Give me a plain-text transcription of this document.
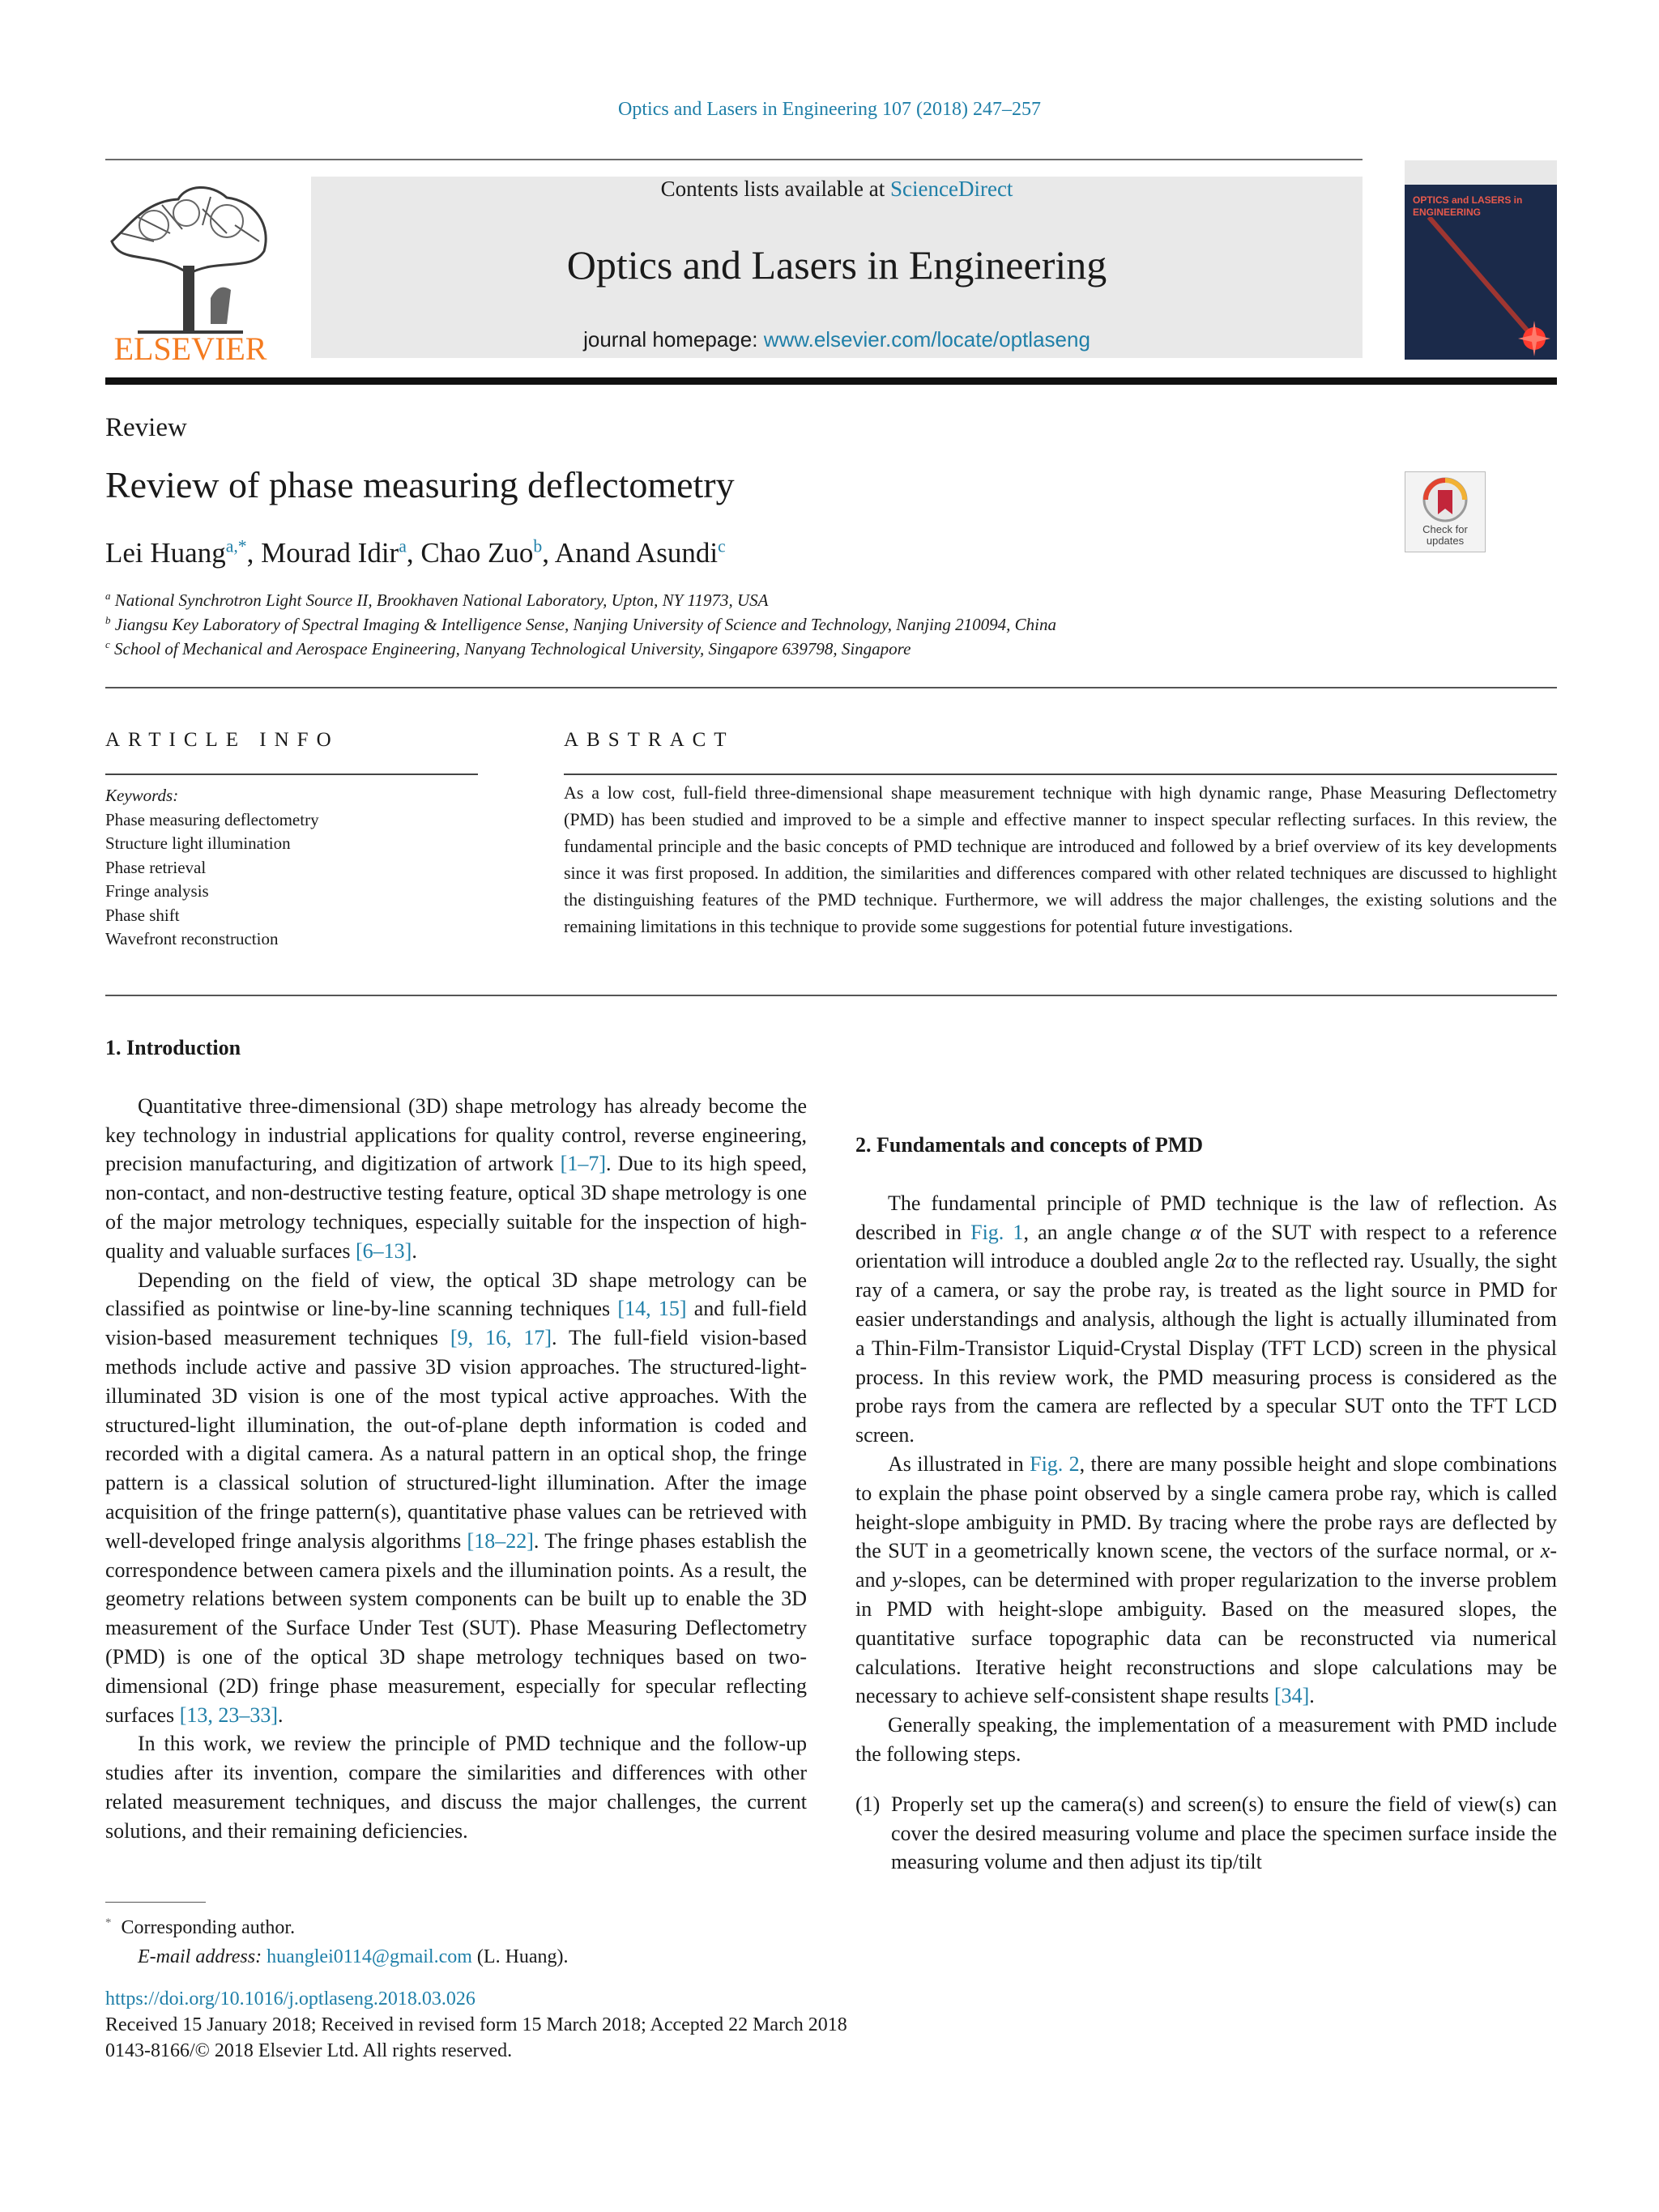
Optics and Lasers in Engineering 107 (2018) 247–257
ELSEVIER
Contents lists available at ScienceDirect
Optics and Lasers in Engineering
journal homepage: www.elsevier.com/locate/optlaseng
OPTICS and LASERS in ENGINEERING
Review
Review of phase measuring deflectometry
Check for updates
Lei Huang$^{a,*}$, Mourad Idir$^a$, Chao Zuo$^b$, Anand Asundi$^c$
$^a$ National Synchrotron Light Source II, Brookhaven National Laboratory, Upton, NY 11973, USA
$^b$ Jiangsu Key Laboratory of Spectral Imaging & Intelligence Sense, Nanjing University of Science and Technology, Nanjing 210094, China
$^c$ School of Mechanical and Aerospace Engineering, Nanyang Technological University, Singapore 639798, Singapore
ARTICLE INFO	ABSTRACT
Keywords:
Phase measuring deflectometry
Structure light illumination
Phase retrieval
Fringe analysis
Phase shift
Wavefront reconstruction
As a low cost, full-field three-dimensional shape measurement technique with high dynamic range, Phase Measuring Deflectometry (PMD) has been studied and improved to be a simple and effective manner to inspect specular reflecting surfaces. In this review, the fundamental principle and the basic concepts of PMD technique are introduced and followed by a brief overview of its key developments since it was first proposed. In addition, the similarities and differences compared with other related techniques are discussed to highlight the distinguishing features of the PMD technique. Furthermore, we will address the major challenges, the existing solutions and the remaining limitations in this technique to provide some suggestions for potential future investigations.
1. Introduction

Quantitative three-dimensional (3D) shape metrology has already become the key technology in industrial applications for quality control, reverse engineering, precision manufacturing, and digitization of artwork [1–7]. Due to its high speed, non-contact, and non-destructive testing feature, optical 3D shape metrology is one of the major metrology techniques, especially suitable for the inspection of high-quality and valuable surfaces [6–13].

Depending on the field of view, the optical 3D shape metrology can be classified as pointwise or line-by-line scanning techniques [14, 15] and full-field vision-based measurement techniques [9, 16, 17]. The full-field vision-based methods include active and passive 3D vision approaches. The structured-light-illuminated 3D vision is one of the most typical active approaches. With the structured-light illumination, the out-of-plane depth information is coded and recorded with a digital camera. As a natural pattern in an optical shop, the fringe pattern is a classical solution of structured-light illumination. After the image acquisition of the fringe pattern(s), quantitative phase values can be retrieved with well-developed fringe analysis algorithms [18–22]. The fringe phases establish the correspondence between camera pixels and the illumination points. As a result, the geometry relations between system components can be built up to enable the 3D measurement of the Surface Under Test (SUT). Phase Measuring Deflectometry (PMD) is one of the optical 3D shape metrology techniques based on two-dimensional (2D) fringe phase measurement, especially for specular reflecting surfaces [13, 23–33].

In this work, we review the principle of PMD technique and the follow-up studies after its invention, compare the similarities and differences with other related measurement techniques, and discuss the major challenges, the current solutions, and their remaining deficiencies.

2. Fundamentals and concepts of PMD

The fundamental principle of PMD technique is the law of reflection. As described in Fig. 1, an angle change α of the SUT with respect to a reference orientation will introduce a doubled angle 2α to the reflected ray. Usually, the sight ray of a camera, or say the probe ray, is treated as the light source in PMD for easier understandings and analysis, although the light is actually illuminated from a Thin-Film-Transistor Liquid-Crystal Display (TFT LCD) screen in the physical process. In this review work, the PMD measuring process is considered as the probe rays from the camera are reflected by a specular SUT onto the TFT LCD screen.

As illustrated in Fig. 2, there are many possible height and slope combinations to explain the phase point observed by a single camera probe ray, which is called height-slope ambiguity in PMD. By tracing where the probe rays are deflected by the SUT in a geometrically known scene, the vectors of the surface normal, or x- and y-slopes, can be determined with proper regularization to the inverse problem in PMD with height-slope ambiguity. Based on the measured slopes, the quantitative surface topographic data can be reconstructed via numerical calculations. Iterative height reconstructions and slope calculations may be necessary to achieve self-consistent shape results [34].

Generally speaking, the implementation of a measurement with PMD include the following steps.

(1) Properly set up the camera(s) and screen(s) to ensure the field of view(s) can cover the desired measuring volume and place the specimen surface inside the measuring volume and then adjust its tip/tilt
* Corresponding author.
E-mail address: huanglei0114@gmail.com (L. Huang).
https://doi.org/10.1016/j.optlaseng.2018.03.026
Received 15 January 2018; Received in revised form 15 March 2018; Accepted 22 March 2018
0143-8166/© 2018 Elsevier Ltd. All rights reserved.
